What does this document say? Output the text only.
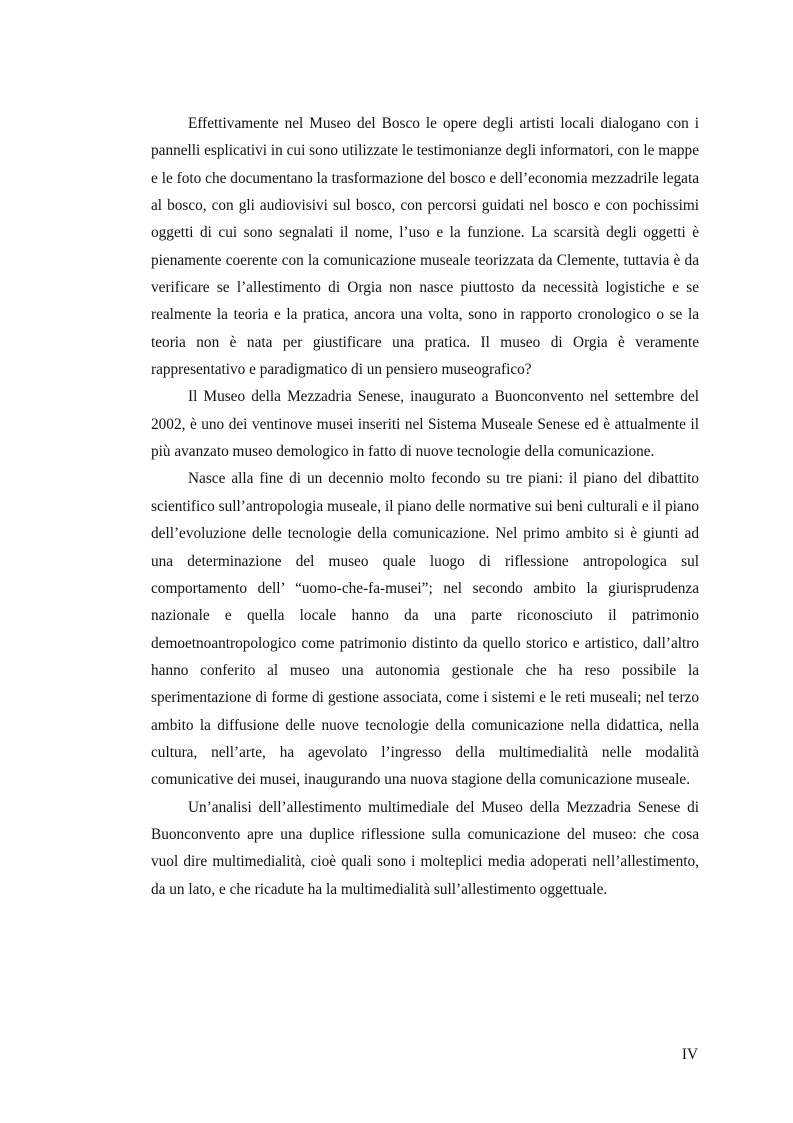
Effettivamente nel Museo del Bosco le opere degli artisti locali dialogano con i pannelli esplicativi in cui sono utilizzate le testimonianze degli informatori, con le mappe e le foto che documentano la trasformazione del bosco e dell’economia mezzadrile legata al bosco, con gli audiovisivi sul bosco, con percorsi guidati nel bosco e con pochissimi oggetti di cui sono segnalati il nome, l’uso e la funzione. La scarsità degli oggetti è pienamente coerente con la comunicazione museale teorizzata da Clemente, tuttavia è da verificare se l’allestimento di Orgia non nasce piuttosto da necessità logistiche e se realmente la teoria e la pratica, ancora una volta, sono in rapporto cronologico o se la teoria non è nata per giustificare una pratica. Il museo di Orgia è veramente rappresentativo e paradigmatico di un pensiero museografico?

Il Museo della Mezzadria Senese, inaugurato a Buonconvento nel settembre del 2002, è uno dei ventinove musei inseriti nel Sistema Museale Senese ed è attualmente il più avanzato museo demologico in fatto di nuove tecnologie della comunicazione.

Nasce alla fine di un decennio molto fecondo su tre piani: il piano del dibattito scientifico sull’antropologia museale, il piano delle normative sui beni culturali e il piano dell’evoluzione delle tecnologie della comunicazione. Nel primo ambito si è giunti ad una determinazione del museo quale luogo di riflessione antropologica sul comportamento dell’ “uomo-che-fa-musei”; nel secondo ambito la giurisprudenza nazionale e quella locale hanno da una parte riconosciuto il patrimonio demoetnoantropologico come patrimonio distinto da quello storico e artistico, dall’altro hanno conferito al museo una autonomia gestionale che ha reso possibile la sperimentazione di forme di gestione associata, come i sistemi e le reti museali; nel terzo ambito la diffusione delle nuove tecnologie della comunicazione nella didattica, nella cultura, nell’arte, ha agevolato l’ingresso della multimedialità nelle modalità comunicative dei musei, inaugurando una nuova stagione della comunicazione museale.

Un’analisi dell’allestimento multimediale del Museo della Mezzadria Senese di Buonconvento apre una duplice riflessione sulla comunicazione del museo: che cosa vuol dire multimedialità, cioè quali sono i molteplici media adoperati nell’allestimento, da un lato, e che ricadute ha la multimedialità sull’allestimento oggettuale.

IV
